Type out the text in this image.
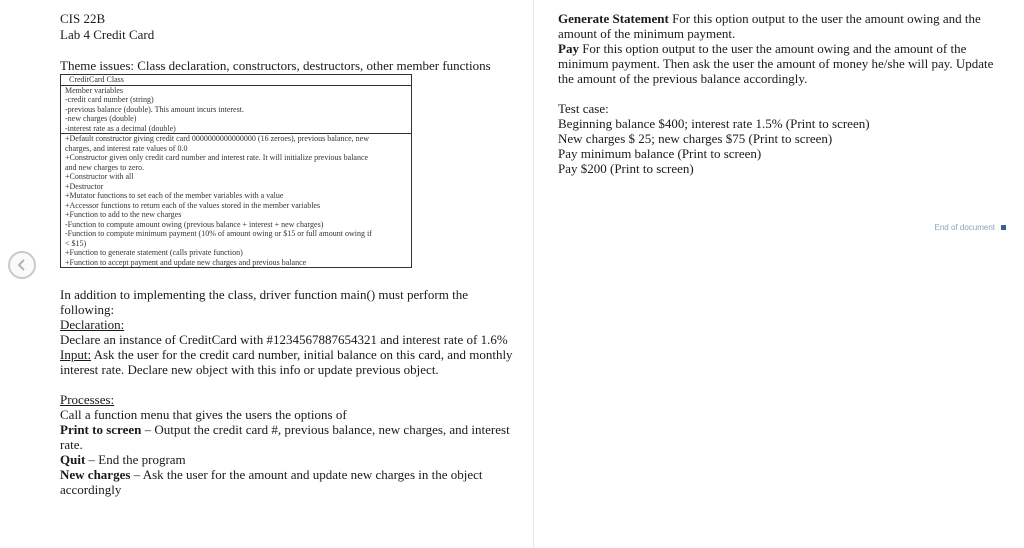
CIS 22B
Lab 4 Credit Card
Theme issues: Class declaration, constructors, destructors, other member functions
CreditCard Class
Member variables
-credit card number (string)
-previous balance (double). This amount incurs interest.
-new charges (double)
-interest rate as a decimal (double)
+Default constructor giving credit card 0000000000000000 (16 zeroes), previous balance, new
charges, and interest rate values of 0.0
+Constructor given only credit card number and interest rate. It will initialize previous balance
and new charges to zero.
+Constructor with all
+Destructor
+Mutator functions to set each of the member variables with a value
+Accessor functions to return each of the values stored in the member variables
+Function to add to the new charges
-Function to compute amount owing (previous balance + interest + new charges)
-Function to compute minimum payment (10% of amount owing or $15 or full amount owing if
< $15)
+Function to generate statement (calls private function)
+Function to accept payment and update new charges and previous balance

In addition to implementing the class, driver function main() must perform the following:

Declaration:
Declare an instance of CreditCard with #1234567887654321 and interest rate of 1.6%

Input: Ask the user for the credit card number, initial balance on this card, and monthly interest rate. Declare new object with this info or update previous object.

Processes:
Call a function menu that gives the users the options of

Print to screen – Output the credit card #, previous balance, new charges, and interest rate.

Quit – End the program

New charges – Ask the user for the amount and update new charges in the object accordingly

Generate Statement For this option output to the user the amount owing and the amount of the minimum payment.

Pay For this option output to the user the amount owing and the amount of the minimum payment. Then ask the user the amount of money he/she will pay. Update the amount of the previous balance accordingly.

Test case:

Beginning balance $400; interest rate 1.5% (Print to screen)

New charges $ 25; new charges $75 (Print to screen)

Pay minimum balance (Print to screen)

Pay $200 (Print to screen)

End of document
